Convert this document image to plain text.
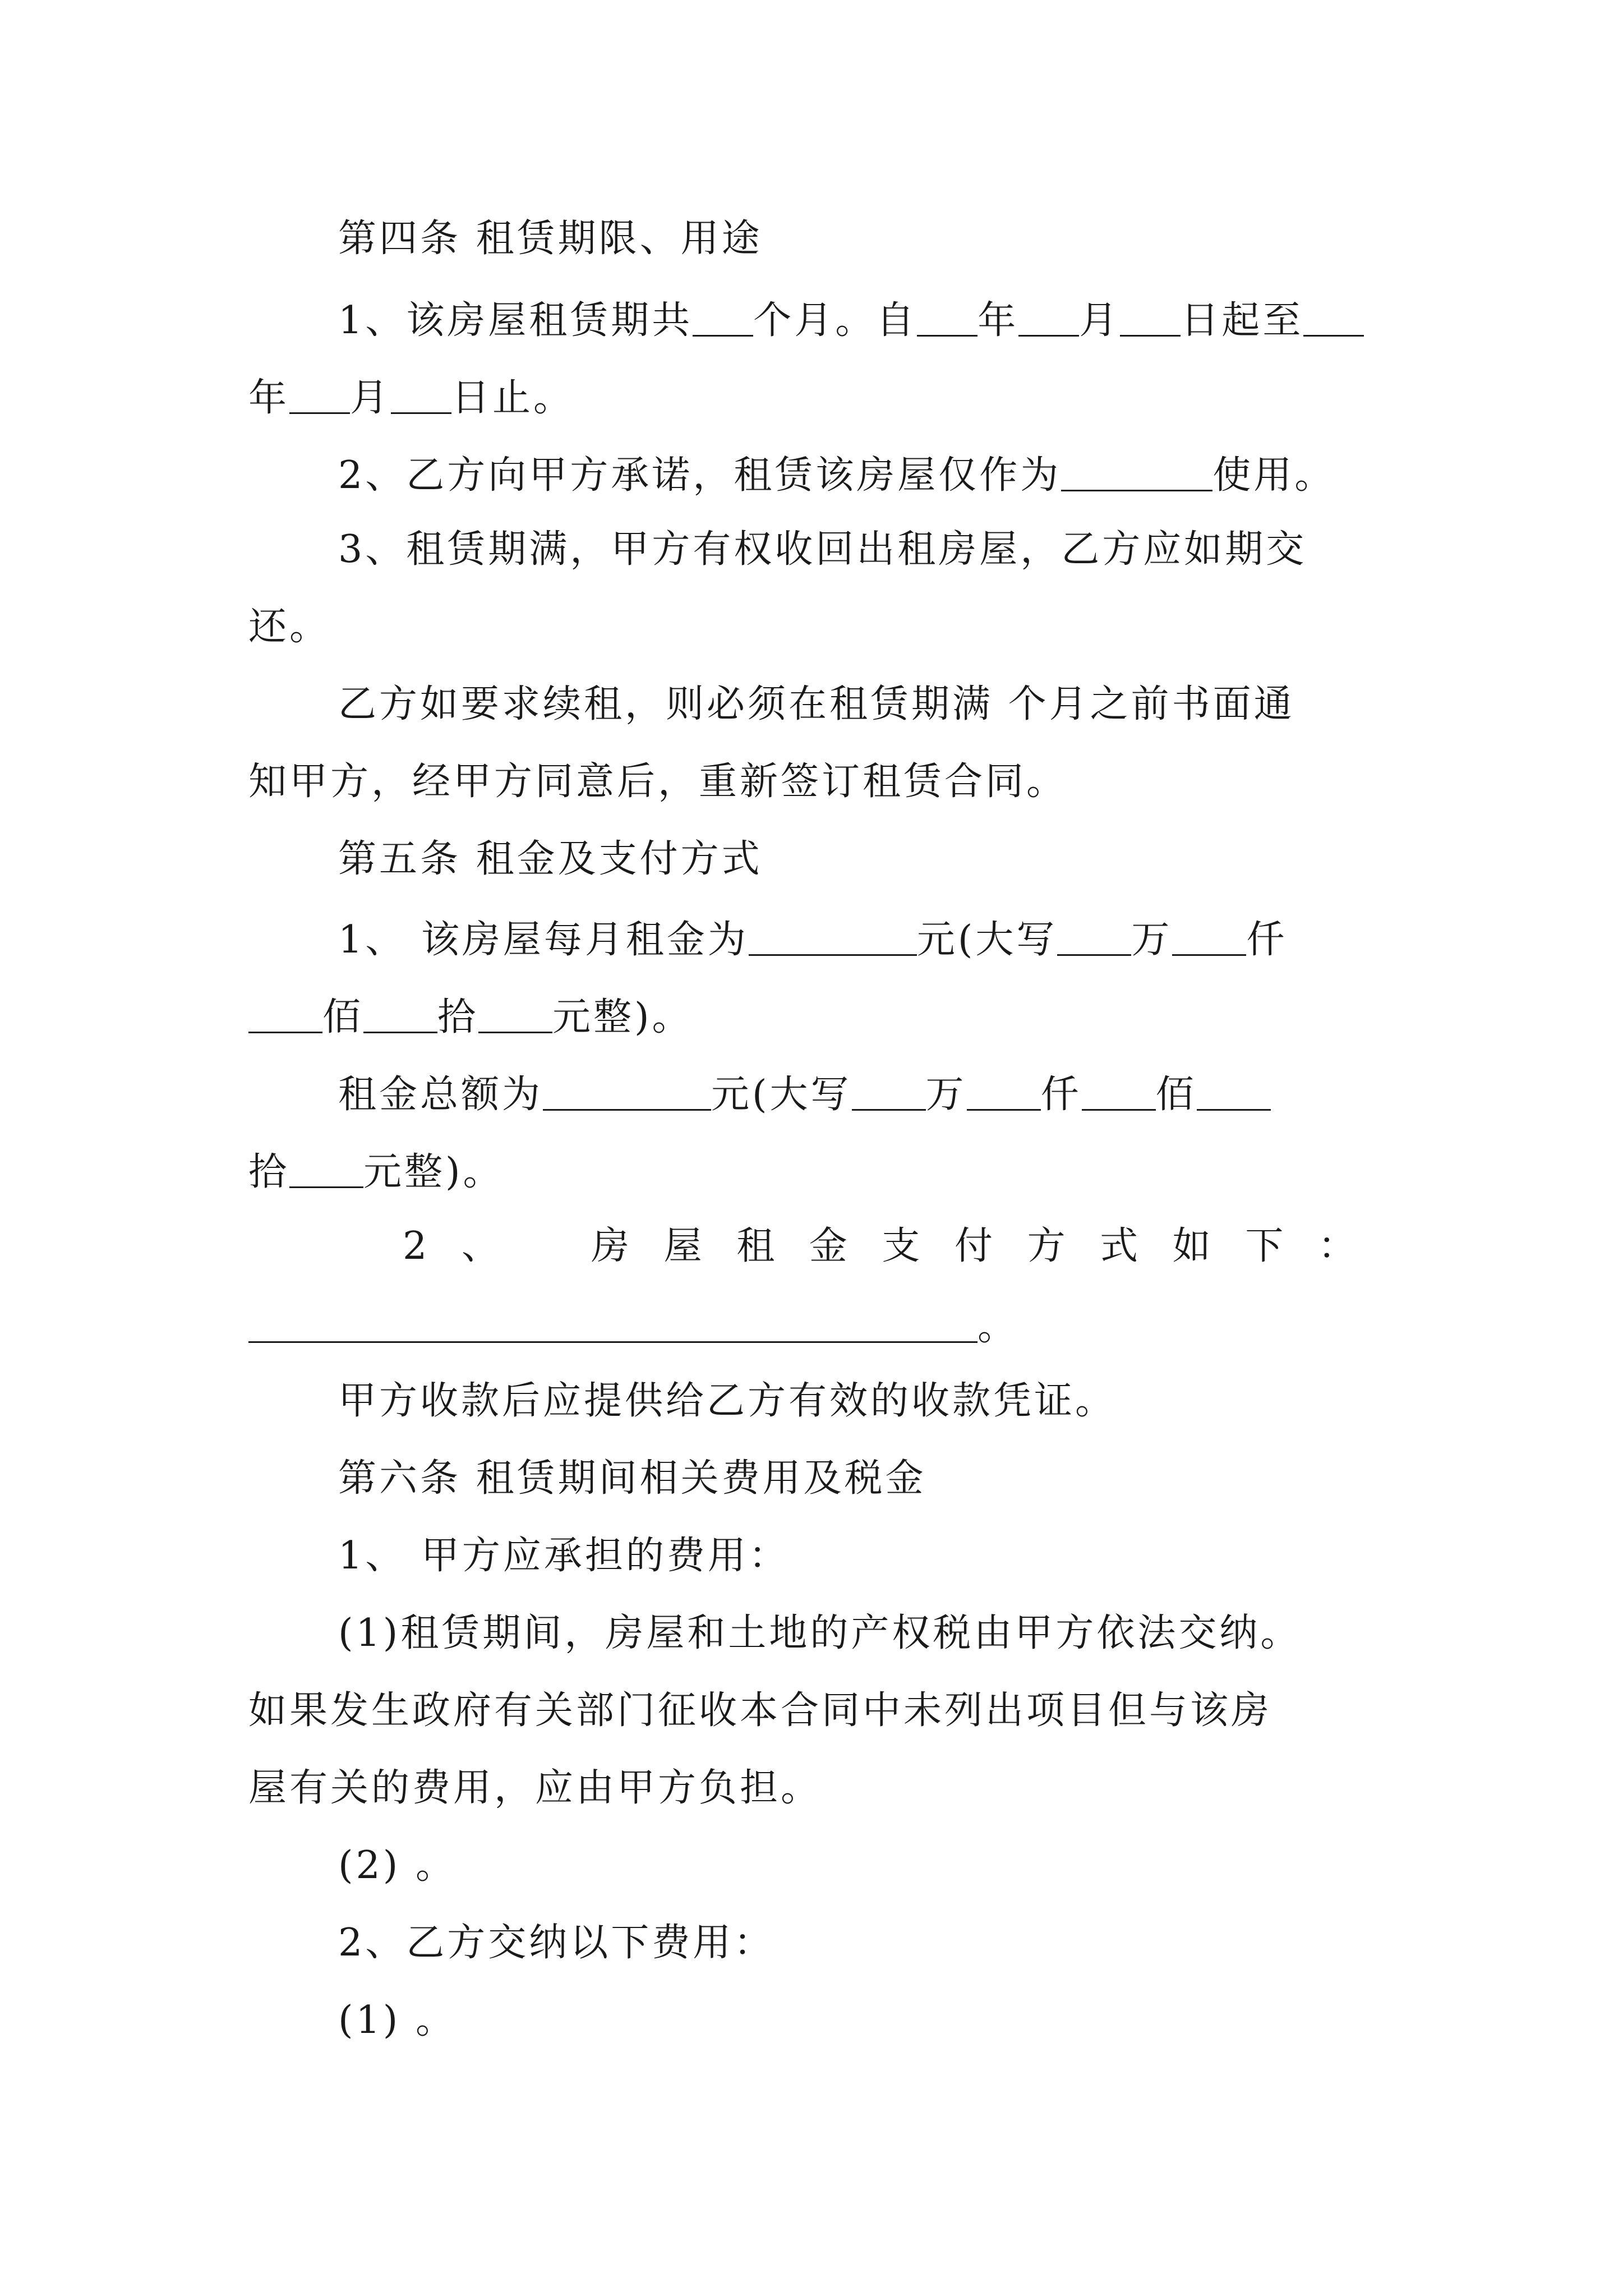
第四条 租赁期限、用途
1、该房屋租赁期共 个月。自 年 月 日起至
年 月 日止。
2、乙方向甲方承诺，租赁该房屋仅作为	使用。
3、租赁期满，甲方有权收回出租房屋，乙方应如期交
还。
乙方如要求续租，则必须在租赁期满 个月之前书面通
知甲方，经甲方同意后，重新签订租赁合同。
第五条 租金及支付方式
1、 该房屋每月租金为	元(大写 万 仟
佰 拾 元整)。
租金总额为	元(大写 万 仟 佰
拾 元整)。
2 、 房 屋 租 金 支 付 方 式 如 下 ：
。
甲方收款后应提供给乙方有效的收款凭证。
第六条 租赁期间相关费用及税金
1、 甲方应承担的费用：
(1)租赁期间，房屋和土地的产权税由甲方依法交纳。
如果发生政府有关部门征收本合同中未列出项目但与该房
屋有关的费用，应由甲方负担。
(2) 。
2、乙方交纳以下费用：
(1) 。
